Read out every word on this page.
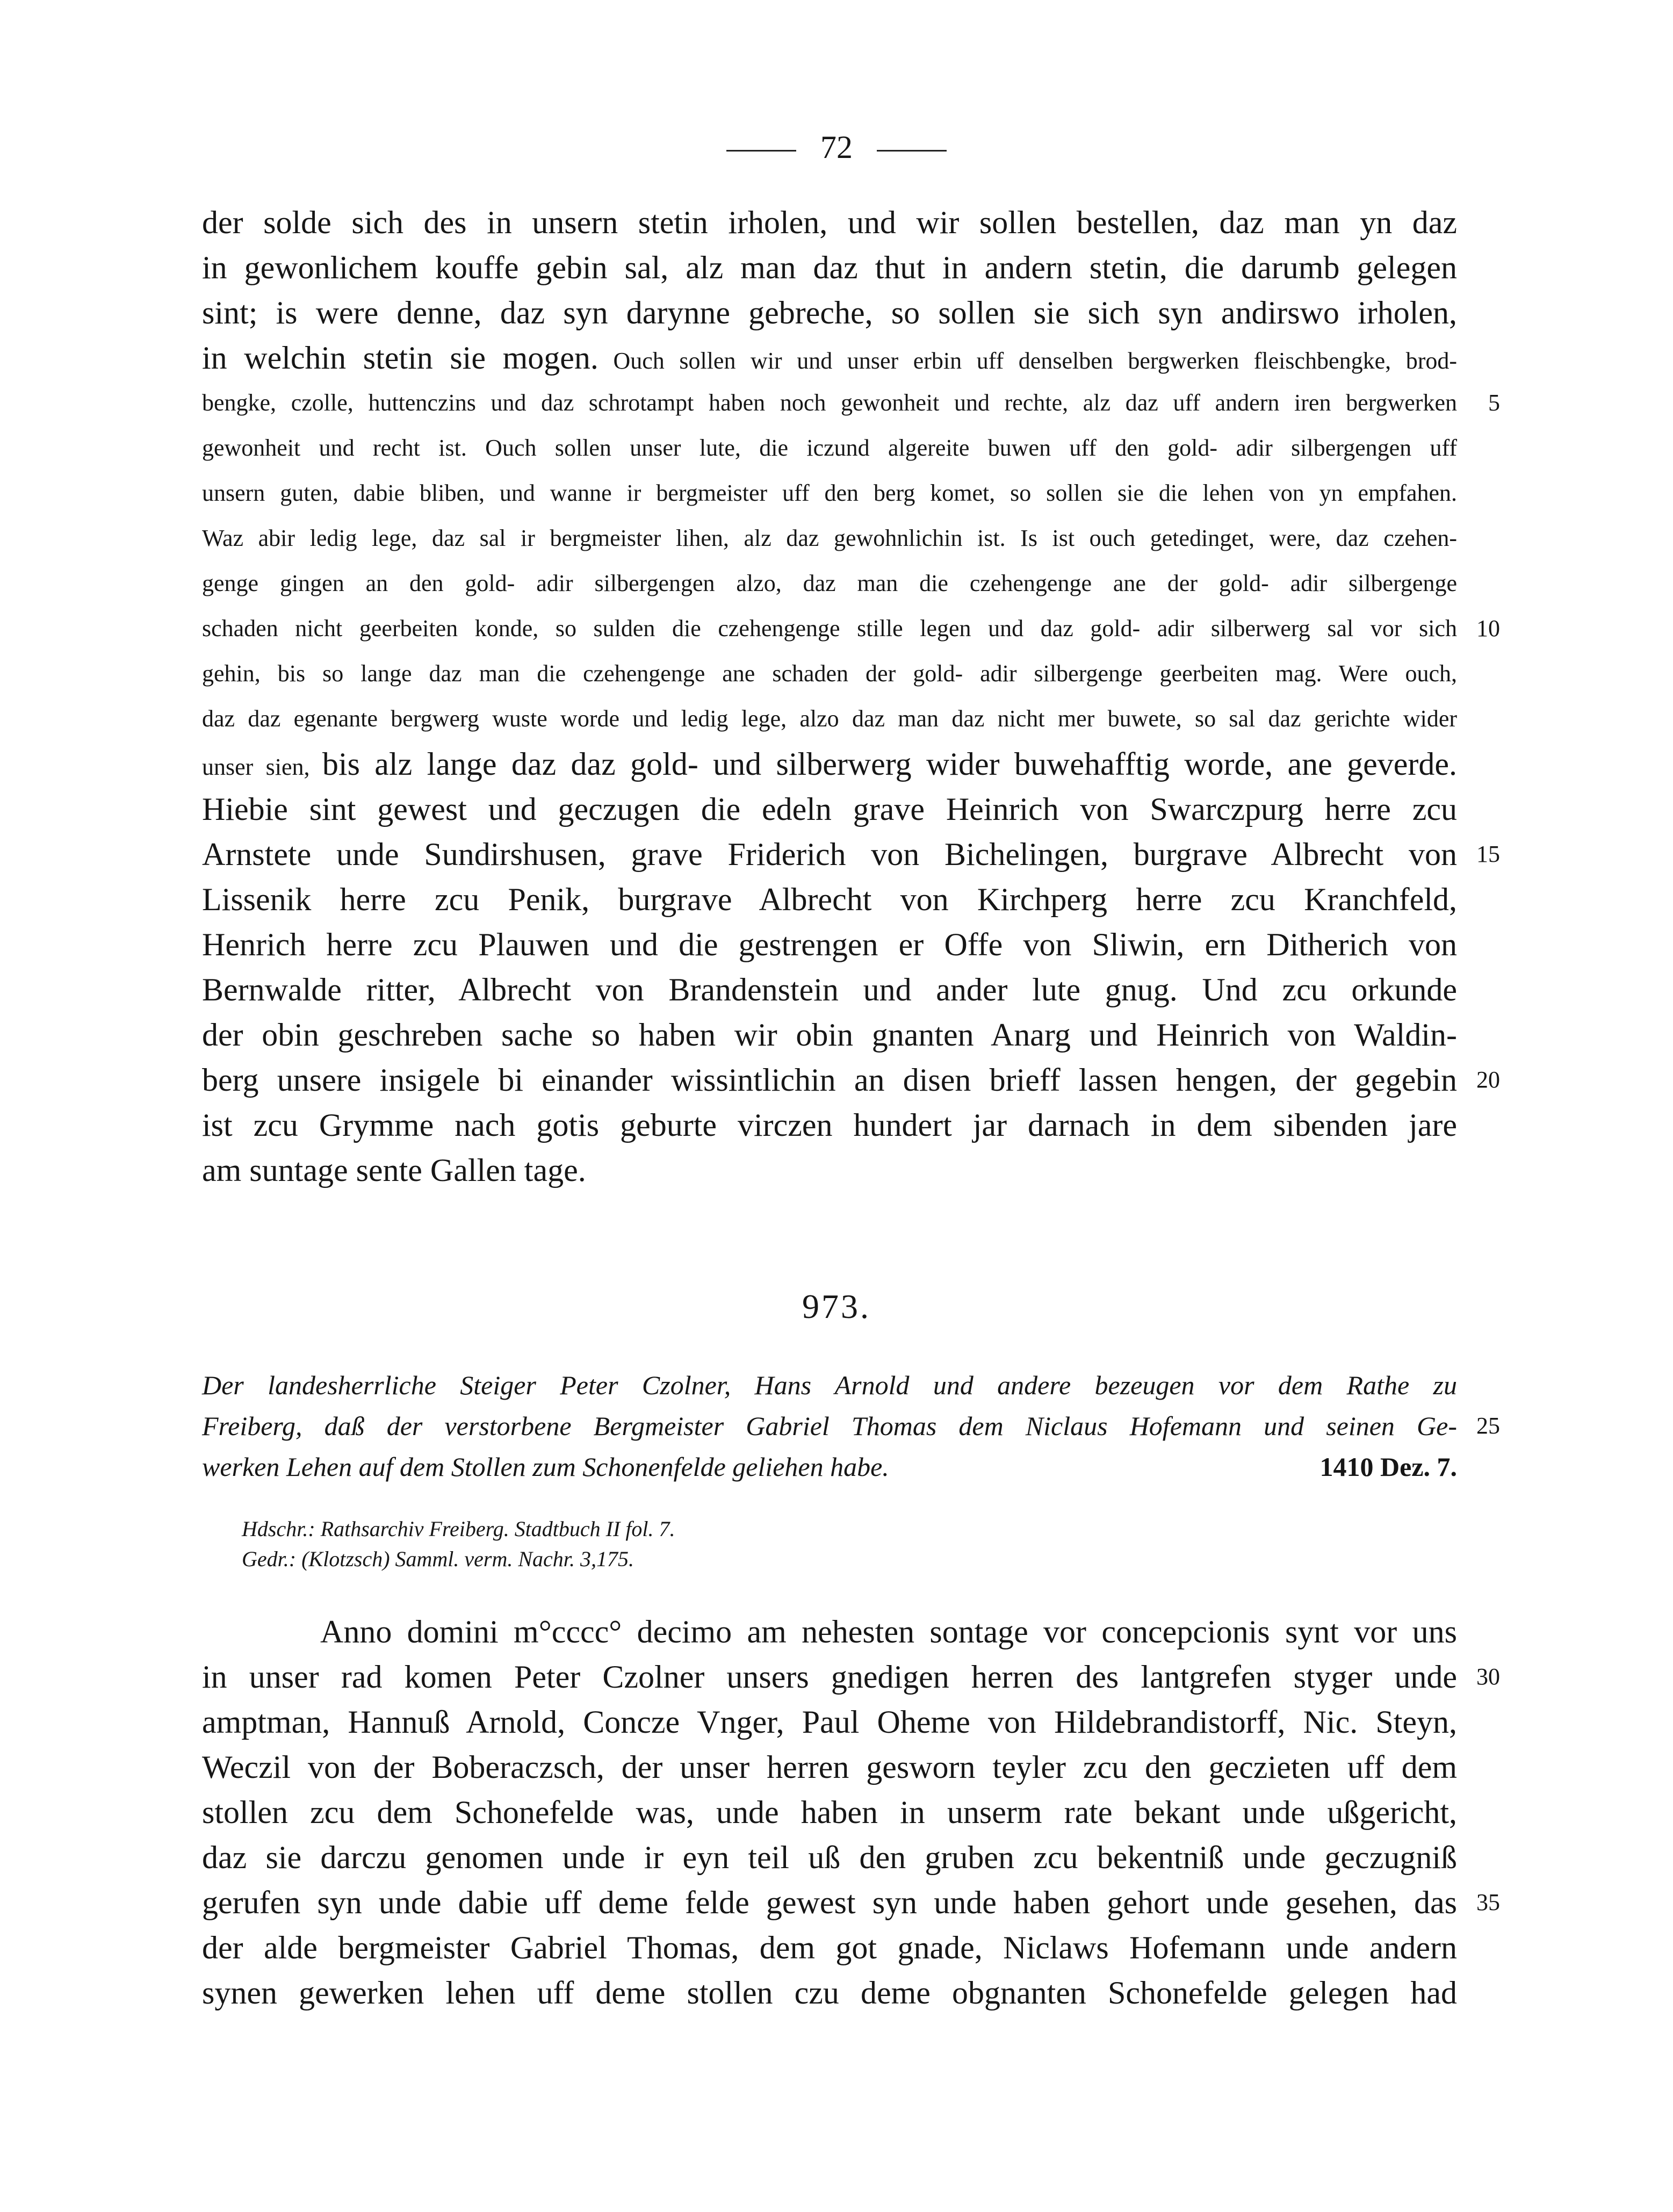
72
der solde sich des in unsern stetin irholen, und wir sollen bestellen, daz man yn daz
in gewonlichem kouffe gebin sal, alz man daz thut in andern stetin, die darumb gelegen
sint; is were denne, daz syn darynne gebreche, so sollen sie sich syn andirswo irholen,
in welchin stetin sie mogen. Ouch sollen wir und unser erbin uff denselben bergwerken fleischbengke, brod-
bengke, czolle, huttenczins und daz schrotampt haben noch gewonheit und rechte, alz daz uff andern iren bergwerken 5
gewonheit und recht ist. Ouch sollen unser lute, die iczund algereite buwen uff den gold- adir silbergengen uff
unsern guten, dabie bliben, und wanne ir bergmeister uff den berg komet, so sollen sie die lehen von yn empfahen.
Waz abir ledig lege, daz sal ir bergmeister lihen, alz daz gewohnlichin ist. Is ist ouch getedinget, were, daz czehen-
genge gingen an den gold- adir silbergengen alzo, daz man die czehengenge ane der gold- adir silbergenge
schaden nicht geerbeiten konde, so sulden die czehengenge stille legen und daz gold- adir silberwerg sal vor sich 10
gehin, bis so lange daz man die czehengenge ane schaden der gold- adir silbergenge geerbeiten mag. Were ouch,
daz daz egenante bergwerg wuste worde und ledig lege, alzo daz man daz nicht mer buwete, so sal daz gerichte wider
unser sien, bis alz lange daz daz gold- und silberwerg wider buwehafftig worde, ane geverde.
Hiebie sint gewest und geczugen die edeln grave Heinrich von Swarczpurg herre zcu
Arnstete unde Sundirshusen, grave Friderich von Bichelingen, burgrave Albrecht von 15
Lissenik herre zcu Penik, burgrave Albrecht von Kirchperg herre zcu Kranchfeld,
Henrich herre zcu Plauwen und die gestrengen er Offe von Sliwin, ern Ditherich von
Bernwalde ritter, Albrecht von Brandenstein und ander lute gnug. Und zcu orkunde
der obin geschreben sache so haben wir obin gnanten Anarg und Heinrich von Waldin-
berg unsere insigele bi einander wissintlichin an disen brieff lassen hengen, der gegebin 20
ist zcu Grymme nach gotis geburte virczen hundert jar darnach in dem sibenden jare
am suntage sente Gallen tage.
973.
Der landesherrliche Steiger Peter Czolner, Hans Arnold und andere bezeugen vor dem Rathe zu
Freiberg, daß der verstorbene Bergmeister Gabriel Thomas dem Niclaus Hofemann und seinen Ge- 25
werken Lehen auf dem Stollen zum Schonenfelde geliehen habe.	1410 Dez. 7.
Hdschr.: Rathsarchiv Freiberg. Stadtbuch II fol. 7.
Gedr.: (Klotzsch) Samml. verm. Nachr. 3,175.
Anno domini m°cccc° decimo am nehesten sontage vor concepcionis synt vor uns
in unser rad komen Peter Czolner unsers gnedigen herren des lantgrefen styger unde 30
amptman, Hannuß Arnold, Concze Vnger, Paul Oheme von Hildebrandistorff, Nic. Steyn,
Weczil von der Boberaczsch, der unser herren gesworn teyler zcu den geczieten uff dem
stollen zcu dem Schonefelde was, unde haben in unserm rate bekant unde ußgericht,
daz sie darczu genomen unde ir eyn teil uß den gruben zcu bekentniß unde geczugniß
gerufen syn unde dabie uff deme felde gewest syn unde haben gehort unde gesehen, das 35
der alde bergmeister Gabriel Thomas, dem got gnade, Niclaws Hofemann unde andern
synen gewerken lehen uff deme stollen czu deme obgnanten Schonefelde gelegen had
